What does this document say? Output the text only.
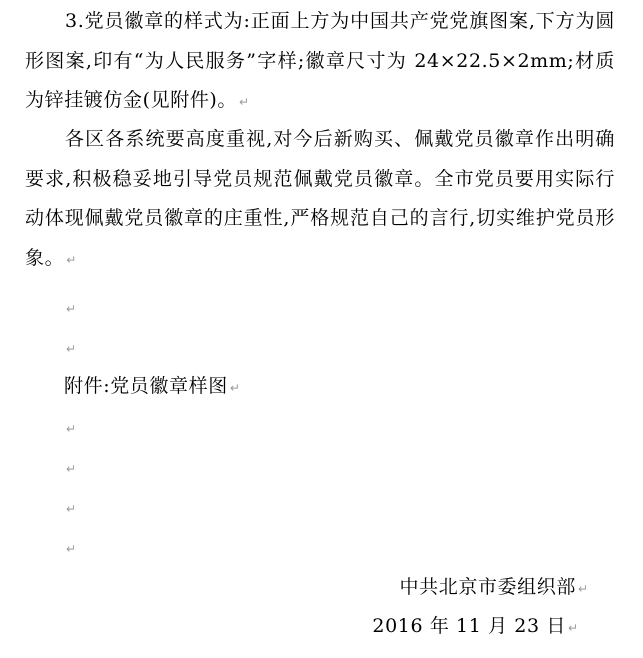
3.党员徽章的样式为:正面上方为中国共产党党旗图案,下方为圆形图案,印有“为人民服务”字样;徽章尺寸为 24×22.5×2mm;材质为锌挂镀仿金(见附件)。 ↵

各区各系统要高度重视,对今后新购买、佩戴党员徽章作出明确要求,积极稳妥地引导党员规范佩戴党员徽章。全市党员要用实际行动体现佩戴党员徽章的庄重性,严格规范自己的言行,切实维护党员形象。 ↵

↵
↵
附件:党员徽章样图 ↵
↵
↵
↵
↵
中共北京市委组织部 ↵
2016 年 11 月 23 日 ↵
